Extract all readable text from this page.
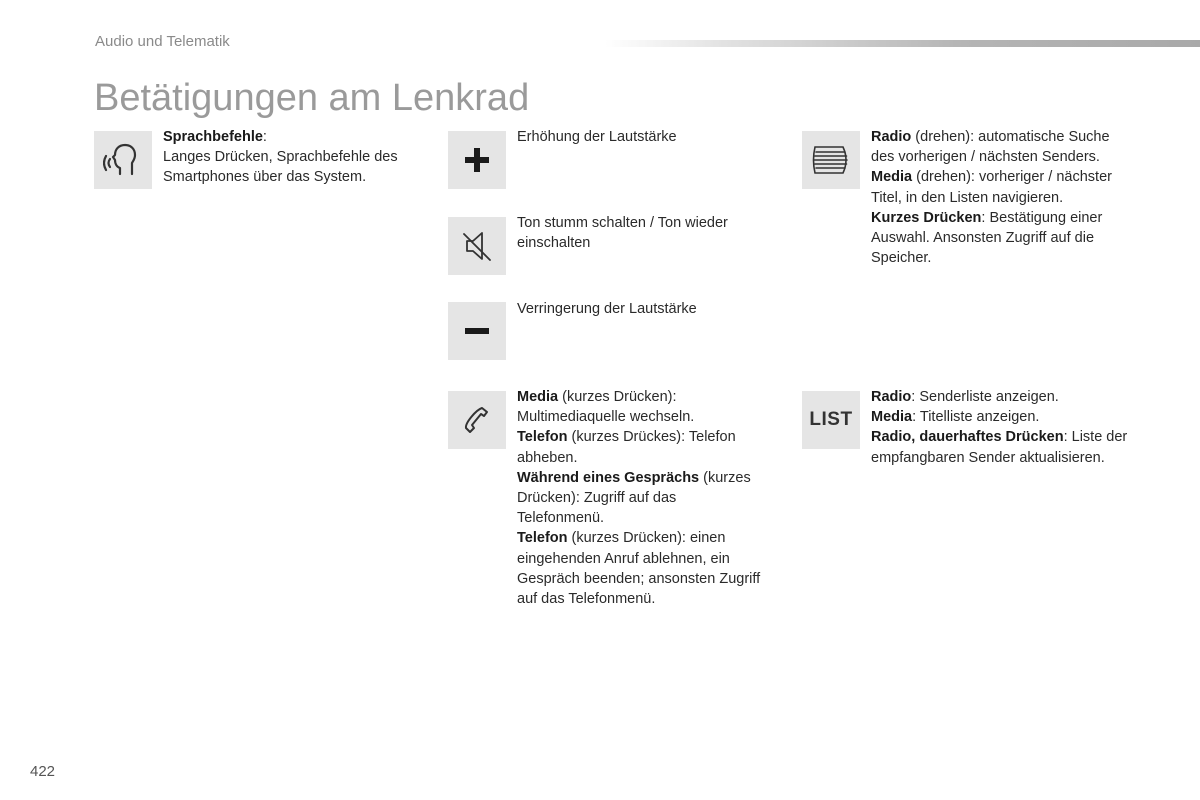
Audio und Telematik
Betätigungen am Lenkrad
Sprachbefehle:
Langes Drücken, Sprachbefehle des Smartphones über das System.
Erhöhung der Lautstärke
Ton stumm schalten / Ton wieder einschalten
Verringerung der Lautstärke
Media (kurzes Drücken): Multimediaquelle wechseln.
Telefon (kurzes Drückes): Telefon abheben.
Während eines Gesprächs (kurzes Drücken): Zugriff auf das Telefonmenü.
Telefon (kurzes Drücken): einen eingehenden Anruf ablehnen, ein Gespräch beenden; ansonsten Zugriff auf das Telefonmenü.
Radio (drehen): automatische Suche des vorherigen / nächsten Senders.
Media (drehen): vorheriger / nächster Titel, in den Listen navigieren.
Kurzes Drücken: Bestätigung einer Auswahl. Ansonsten Zugriff auf die Speicher.
LIST
Radio: Senderliste anzeigen.
Media: Titelliste anzeigen.
Radio, dauerhaftes Drücken: Liste der empfangbaren Sender aktualisieren.
422
